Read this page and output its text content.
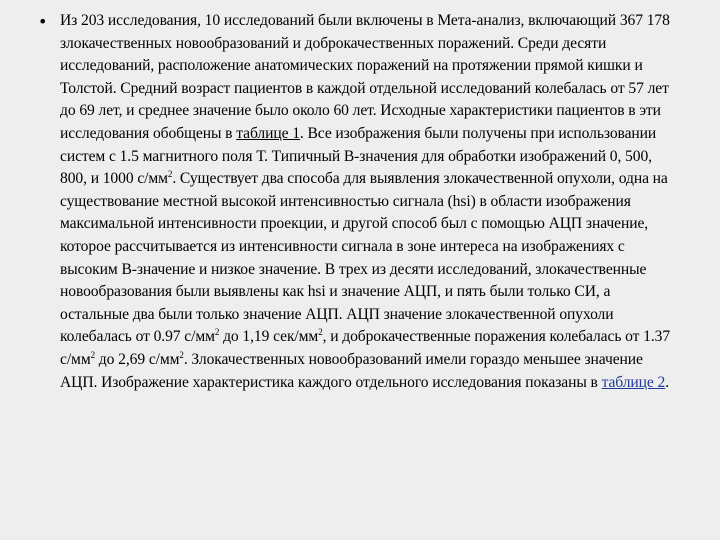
• Из 203 исследования, 10 исследований были включены в Мета-анализ, включающий 367 178 злокачественных новообразований и доброкачественных поражений. Среди десяти исследований, расположение анатомических поражений на протяжении прямой кишки и Толстой. Средний возраст пациентов в каждой отдельной исследований колебалась от 57 лет до 69 лет, и среднее значение было около 60 лет. Исходные характеристики пациентов в эти исследования обобщены в таблице 1. Все изображения были получены при использовании систем с 1.5 магнитного поля Т. Типичный B-значения для обработки изображений 0, 500, 800, и 1000 $с/мм^2$. Существует два способа для выявления злокачественной опухоли, одна на существование местной высокой интенсивностью сигнала (hsi) в области изображения максимальной интенсивности проекции, и другой способ был с помощью АЦП значение, которое рассчитывается из интенсивности сигнала в зоне интереса на изображениях с высоким B-значение и низкое значение. В трех из десяти исследований, злокачественные новообразования были выявлены как hsi и значение АЦП, и пять были только СИ, а остальные два были только значение АЦП. АЦП значение злокачественной опухоли колебалась от 0.97 $с/мм^2$ до 1,19 сек/$мм^2$, и доброкачественные поражения колебалась от 1.37 $с/мм^2$ до 2,69 $с/мм^2$. Злокачественных новообразований имели гораздо меньшее значение АЦП. Изображение характеристика каждого отдельного исследования показаны в таблице 2.
